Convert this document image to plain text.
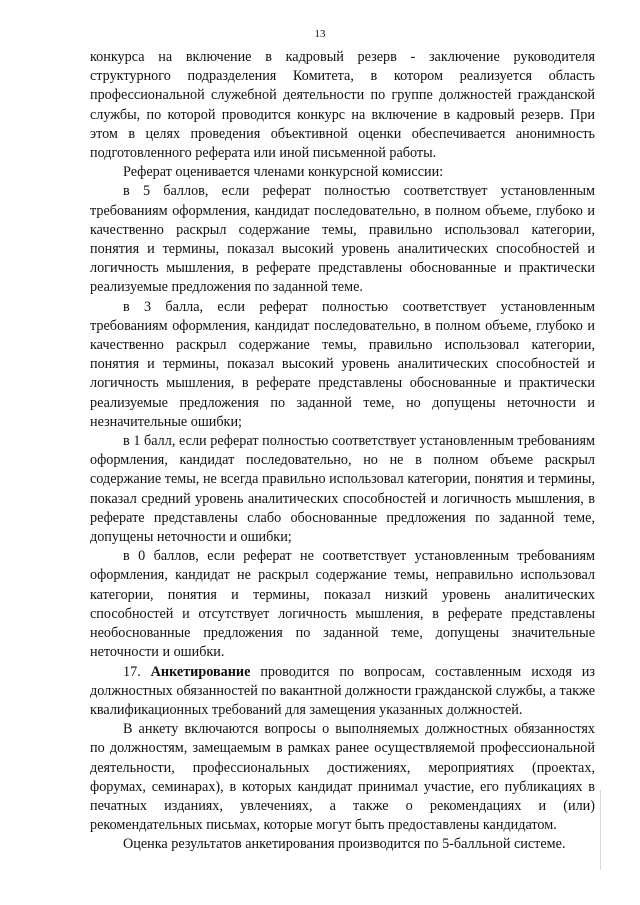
13

конкурса на включение в кадровый резерв - заключение руководителя структурного подразделения Комитета, в котором реализуется область профессиональной служебной деятельности по группе должностей гражданской службы, по которой проводится конкурс на включение в кадровый резерв. При этом в целях проведения объективной оценки обеспечивается анонимность подготовленного реферата или иной письменной работы.

Реферат оценивается членами конкурсной комиссии:

в 5 баллов, если реферат полностью соответствует установленным требованиям оформления, кандидат последовательно, в полном объеме, глубоко и качественно раскрыл содержание темы, правильно использовал категории, понятия и термины, показал высокий уровень аналитических способностей и логичность мышления, в реферате представлены обоснованные и практически реализуемые предложения по заданной теме.

в 3 балла, если реферат полностью соответствует установленным требованиям оформления, кандидат последовательно, в полном объеме, глубоко и качественно раскрыл содержание темы, правильно использовал категории, понятия и термины, показал высокий уровень аналитических способностей и логичность мышления, в реферате представлены обоснованные и практически реализуемые предложения по заданной теме, но допущены неточности и незначительные ошибки;

в 1 балл, если реферат полностью соответствует установленным требованиям оформления, кандидат последовательно, но не в полном объеме раскрыл содержание темы, не всегда правильно использовал категории, понятия и термины, показал средний уровень аналитических способностей и логичность мышления, в реферате представлены слабо обоснованные предложения по заданной теме, допущены неточности и ошибки;

в 0 баллов, если реферат не соответствует установленным требованиям оформления, кандидат не раскрыл содержание темы, неправильно использовал категории, понятия и термины, показал низкий уровень аналитических способностей и отсутствует логичность мышления, в реферате представлены необоснованные предложения по заданной теме, допущены значительные неточности и ошибки.

17. Анкетирование проводится по вопросам, составленным исходя из должностных обязанностей по вакантной должности гражданской службы, а также квалификационных требований для замещения указанных должностей.

В анкету включаются вопросы о выполняемых должностных обязанностях по должностям, замещаемым в рамках ранее осуществляемой профессиональной деятельности, профессиональных достижениях, мероприятиях (проектах, форумах, семинарах), в которых кандидат принимал участие, его публикациях в печатных изданиях, увлечениях, а также о рекомендациях и (или) рекомендательных письмах, которые могут быть предоставлены кандидатом.

Оценка результатов анкетирования производится по 5-балльной системе.
